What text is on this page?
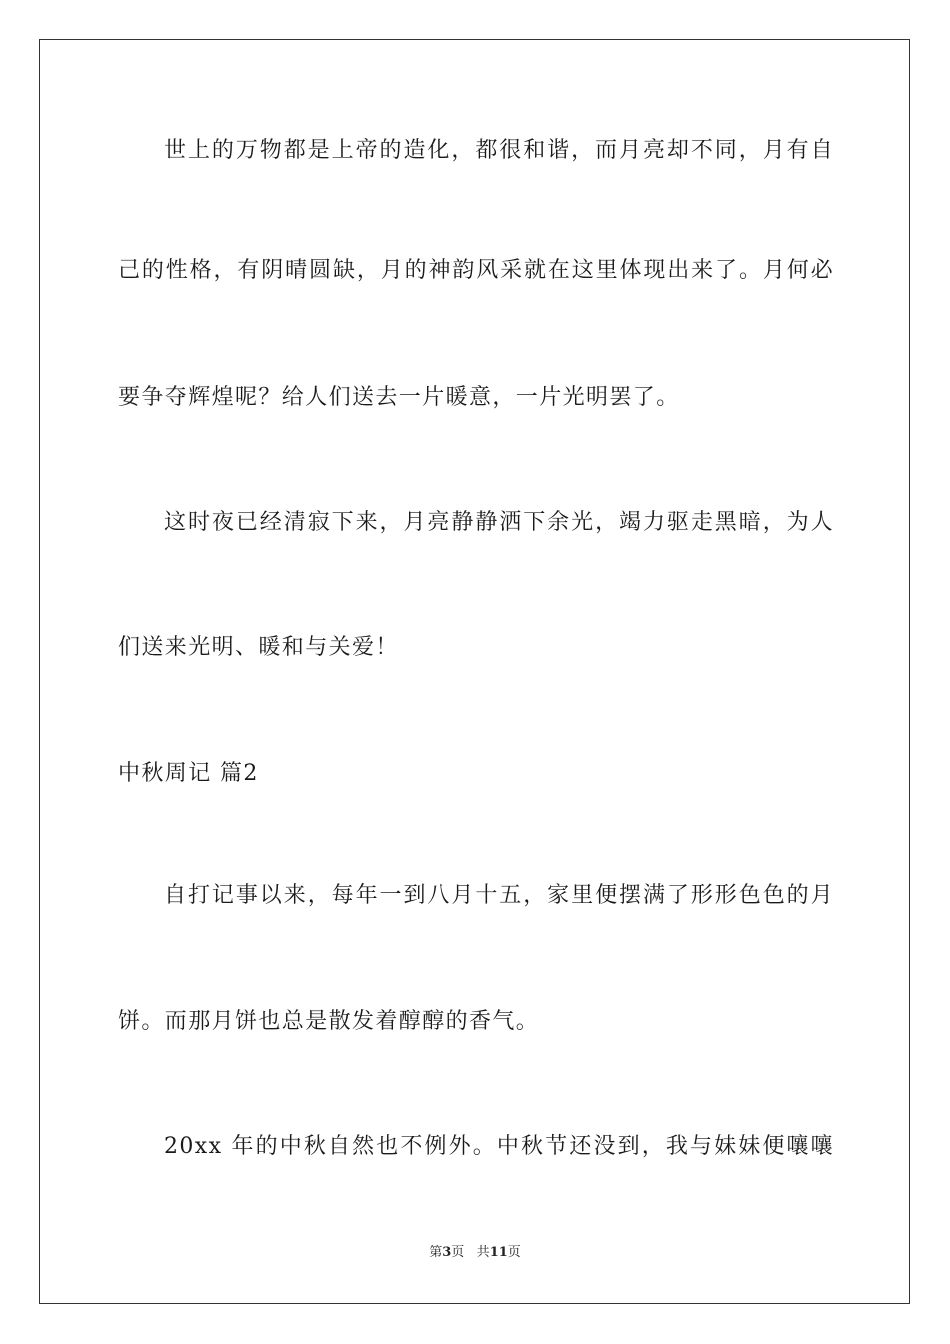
世上的万物都是上帝的造化，都很和谐，而月亮却不同，月有自
己的性格，有阴晴圆缺，月的神韵风采就在这里体现出来了。月何必
要争夺辉煌呢？给人们送去一片暖意，一片光明罢了。
这时夜已经清寂下来，月亮静静洒下余光，竭力驱走黑暗，为人
们送来光明、暖和与关爱！
中秋周记 篇2
自打记事以来，每年一到八月十五，家里便摆满了形形色色的月
饼。而那月饼也总是散发着醇醇的香气。
20xx 年的中秋自然也不例外。中秋节还没到，我与妹妹便嚷嚷
第3页 共11页
